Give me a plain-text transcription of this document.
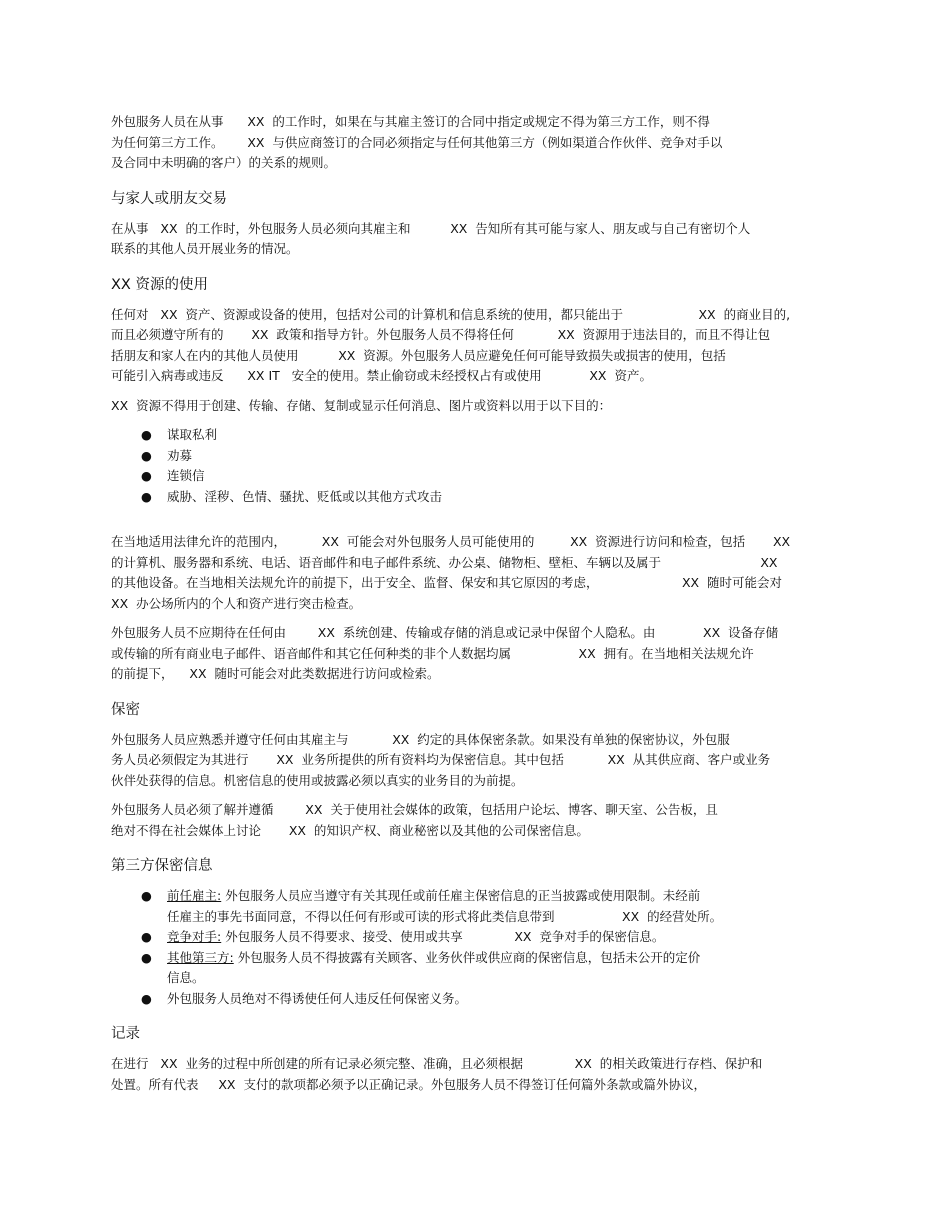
外包服务人员在从事      XX  的工作时，如果在与其雇主签订的合同中指定或规定不得为第三方工作，则不得

为任何第三方工作。      XX  与供应商签订的合同必须指定与任何其他第三方（例如渠道合作伙伴、竞争对手以

及合同中未明确的客户）的关系的规则。

与家人或朋友交易

在从事   XX  的工作时，外包服务人员必须向其雇主和          XX  告知所有其可能与家人、朋友或与自己有密切个人

联系的其他人员开展业务的情况。

XX 资源的使用

任何对   XX  资产、资源或设备的使用，包括对公司的计算机和信息系统的使用，都只能出于                   XX  的商业目的,

而且必须遵守所有的       XX  政策和指导方针。外包服务人员不得将任何           XX  资源用于违法目的，而且不得让包

括朋友和家人在内的其他人员使用          XX  资源。外包服务人员应避免任何可能导致损失或损害的使用，包括

可能引入病毒或违反      XX IT   安全的使用。禁止偷窃或未经授权占有或使用            XX  资产。

XX  资源不得用于创建、传输、存储、复制或显示任何消息、图片或资料以用于以下目的：

● 谋取私利
● 劝募
● 连锁信
● 威胁、淫秽、色情、骚扰、贬低或以其他方式攻击

在当地适用法律允许的范围内，         XX  可能会对外包服务人员可能使用的         XX  资源进行访问和检查，包括       XX

的计算机、服务器和系统、电话、语音邮件和电子邮件系统、办公桌、储物柜、壁柜、车辆以及属于                         XX

的其他设备。在当地相关法规允许的前提下，出于安全、监督、保安和其它原因的考虑，                     XX  随时可能会对

XX  办公场所内的个人和资产进行突击检查。

外包服务人员不应期待在任何由        XX  系统创建、传输或存储的消息或记录中保留个人隐私。由            XX  设备存储

或传输的所有商业电子邮件、语音邮件和其它任何种类的非个人数据均属                 XX  拥有。在当地相关法规允许

的前提下，    XX  随时可能会对此类数据进行访问或检索。

保密

外包服务人员应熟悉并遵守任何由其雇主与           XX  约定的具体保密条款。如果没有单独的保密协议，外包服

务人员必须假定为其进行       XX  业务所提供的所有资料均为保密信息。其中包括           XX  从其供应商、客户或业务

伙伴处获得的信息。机密信息的使用或披露必须以真实的业务目的为前提。

外包服务人员必须了解并遵循        XX  关于使用社会媒体的政策，包括用户论坛、博客、聊天室、公告板，且

绝对不得在社会媒体上讨论       XX  的知识产权、商业秘密以及其他的公司保密信息。

第三方保密信息
● 前任雇主: 外包服务人员应当遵守有关其现任或前任雇主保密信息的正当披露或使用限制。未经前
任雇主的事先书面同意，不得以任何有形或可读的形式将此类信息带到                 XX  的经营处所。
● 竞争对手: 外包服务人员不得要求、接受、使用或共享             XX  竞争对手的保密信息。
● 其他第三方: 外包服务人员不得披露有关顾客、业务伙伴或供应商的保密信息，包括未公开的定价
信息。
● 外包服务人员绝对不得诱使任何人违反任何保密义务。
记录

在进行   XX  业务的过程中所创建的所有记录必须完整、准确，且必须根据             XX  的相关政策进行存档、保护和

处置。所有代表     XX  支付的款项都必须予以正确记录。外包服务人员不得签订任何篇外条款或篇外协议，
